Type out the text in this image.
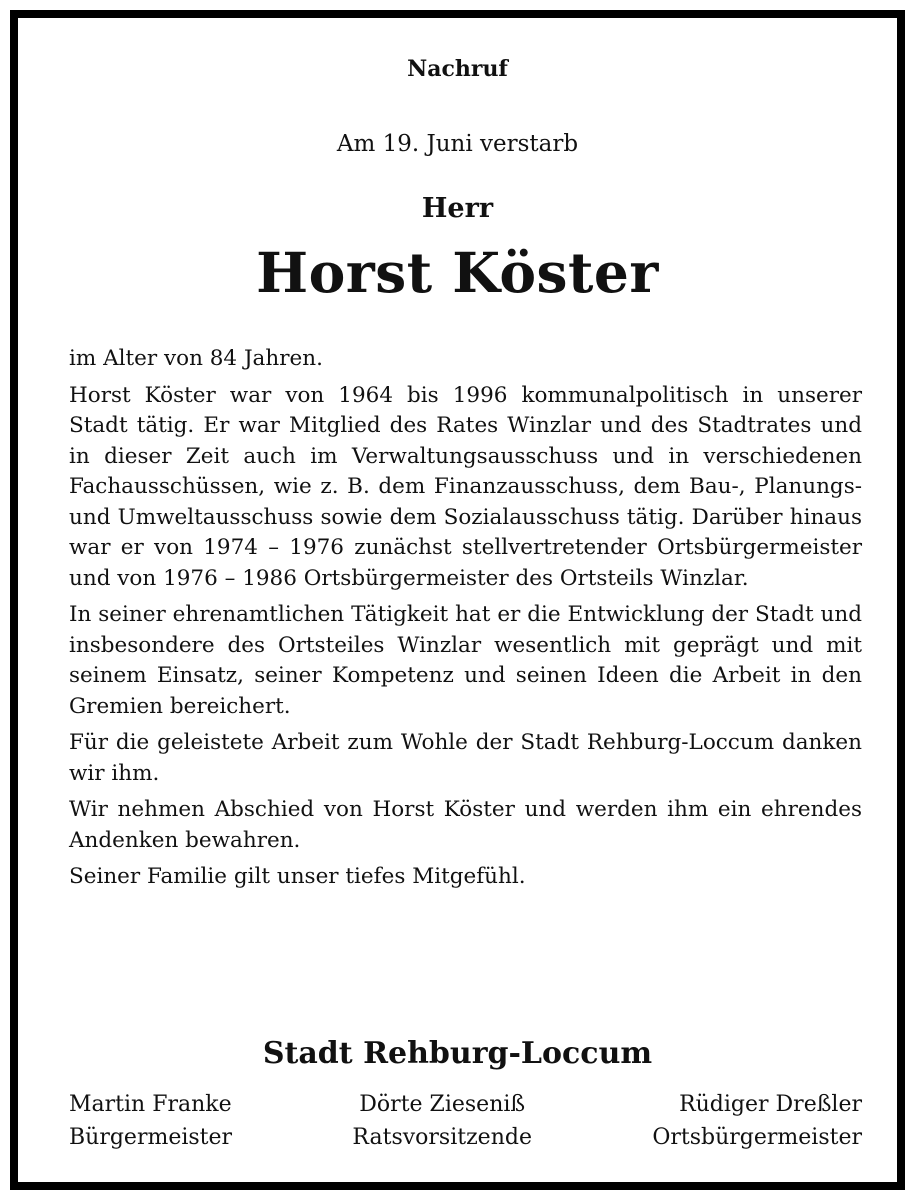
Nachruf
Am 19. Juni verstarb
Herr
Horst Köster

im Alter von 84 Jahren.

Horst Köster war von 1964 bis 1996 kommunalpolitisch in unserer Stadt tätig. Er war Mitglied des Rates Winzlar und des Stadtrates und in dieser Zeit auch im Verwaltungsausschuss und in verschiedenen Fachausschüssen, wie z. B. dem Finanzausschuss, dem Bau-, Planungs- und Umweltausschuss sowie dem Sozialausschuss tätig. Darüber hinaus war er von 1974 – 1976 zunächst stellvertretender Ortsbürgermeister und von 1976 – 1986 Ortsbürgermeister des Ortsteils Winzlar.

In seiner ehrenamtlichen Tätigkeit hat er die Entwicklung der Stadt und insbesondere des Ortsteiles Winzlar wesentlich mit geprägt und mit seinem Einsatz, seiner Kompetenz und seinen Ideen die Arbeit in den Gremien bereichert.

Für die geleistete Arbeit zum Wohle der Stadt Rehburg-Loccum danken wir ihm.

Wir nehmen Abschied von Horst Köster und werden ihm ein ehrendes Andenken bewahren.

Seiner Familie gilt unser tiefes Mitgefühl.

Stadt Rehburg-Loccum
Martin Franke
Bürgermeister
Dörte Ziesenіß
Ratsvorsitzende
Rüdiger Dreßler
Ortsbürgermeister
